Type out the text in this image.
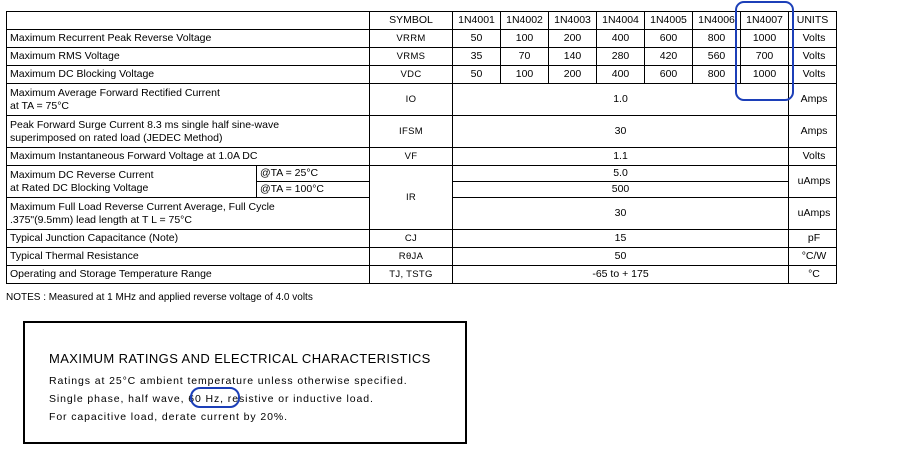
		SYMBOL	1N4001	1N4002	1N4003	1N4004	1N4005	1N4006	1N4007	UNITS
Maximum Recurrent Peak Reverse Voltage		VRRM	50	100	200	400	600	800	1000	Volts
Maximum RMS Voltage		VRMS	35	70	140	280	420	560	700	Volts
Maximum DC Blocking Voltage		VDC	50	100	200	400	600	800	1000	Volts

Maximum Average Forward Rectified Current
at TA = 75°C		IO	1.0							Amps

Peak Forward Surge Current 8.3 ms single half sine-wave
superimposed on rated load (JEDEC Method)		IFSM	30							Amps
Maximum Instantaneous Forward Voltage at 1.0A DC		VF	1.1							Volts

Maximum DC Reverse Current
at Rated DC Blocking Voltage	@TA = 25°C	IR	5.0							uAmps
	@TA = 100°C		500							

Maximum Full Load Reverse Current Average, Full Cycle
.375"(9.5mm) lead length at T L = 75°C			30							uAmps
Typical Junction Capacitance (Note)		CJ	15							pF
Typical Thermal Resistance		RθJA	50							°C/W
Operating and Storage Temperature Range		TJ, TSTG	-65 to + 175							°C
NOTES : Measured at 1 MHz and applied reverse voltage of 4.0 volts
MAXIMUM RATINGS AND ELECTRICAL CHARACTERISTICS
Ratings at 25°C ambient temperature unless otherwise specified.
Single phase, half wave, 60 Hz, resistive or inductive load.
For capacitive load, derate current by 20%.
